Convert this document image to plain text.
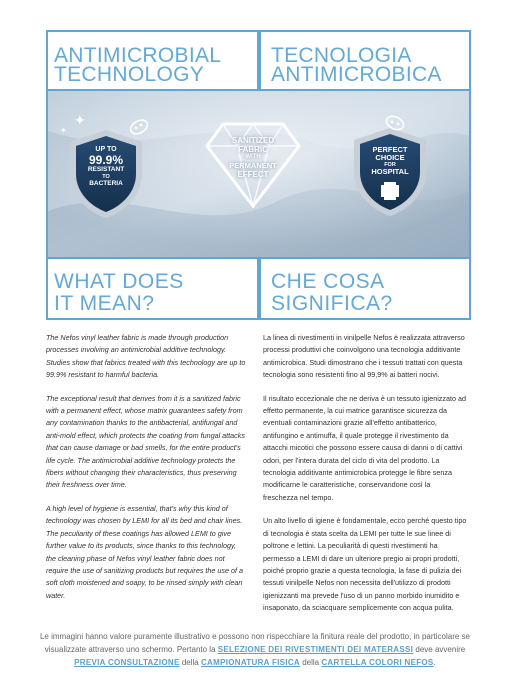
ANTIMICROBIAL
TECHNOLOGY
TECNOLOGIA
ANTIMICROBICA
UP TO
99.9%
RESISTANT
TO
BACTERIA
✦
✦
SANITIZED
FABRIC
WITH
PERMANENT
EFFECT
PERFECT
CHOICE
FOR
HOSPITAL
WHAT DOES
IT MEAN?
CHE COSA
SIGNIFICA?

The Nefos vinyl leather fabric is made through production processes involving an antimicrobial additive technology. Studies show that fabrics treated with this technology are up to 99.9% resistant to harmful bacteria.

The exceptional result that derives from it is a sanitized fabric with a permanent effect, whose matrix guarantees safety from any contamination thanks to the antibacterial, antifungal and anti-mold effect, which protects the coating from fungal attacks that can cause damage or bad smells, for the entire product's life cycle. The antimicrobial additive technology protects the fibers without changing their characteristics, thus preserving their freshness over time.

A high level of hygiene is essential, that's why this kind of technology was chosen by LEMI for all its bed and chair lines. The peculiarity of these coatings has allowed LEMI to give further value to its products, since thanks to this technology, the cleaning phase of Nefos vinyl leather fabric does not require the use of sanitizing products but requires the use of a soft cloth moistened and soapy, to be rinsed simply with clean water.

La linea di rivestimenti in vinilpelle Nefos è realizzata attraverso processi produttivi che coinvolgono una tecnologia additivante antimicrobica. Studi dimostrano che i tessuti trattati con questa tecnologia sono resistenti fino al 99,9% ai batteri nocivi.

Il risultato eccezionale che ne deriva è un tessuto igienizzato ad effetto permanente, la cui matrice garantisce sicurezza da eventuali contaminazioni grazie all'effetto antibatterico, antifungino e antimuffa, il quale protegge il rivestimento da attacchi micotici che possono essere causa di danni o di cattivi odori, per l'intera durata del ciclo di vita del prodotto. La tecnologia additivante antimicrobica protegge le fibre senza modificarne le caratteristiche, conservandone così la freschezza nel tempo.

Un alto livello di igiene è fondamentale, ecco perché questo tipo di tecnologia è stata scelta da LEMI per tutte le sue linee di poltrone e lettini. La peculiarità di questi rivestimenti ha permesso a LEMI di dare un ulteriore pregio ai propri prodotti, poiché proprio grazie a questa tecnologia, la fase di pulizia dei tessuti vinilpelle Nefos non necessita dell'utilizzo di prodotti igienizzanti ma prevede l'uso di un panno morbido inumidito e insaponato, da sciacquare semplicemente con acqua pulita.

Le immagini hanno valore puramente illustrativo e possono non rispecchiare la finitura reale del prodotto, in particolare se visualizzate attraverso uno schermo. Pertanto la SELEZIONE DEI RIVESTIMENTI DEI MATERASSI deve avvenire PREVIA CONSULTAZIONE della CAMPIONATURA FISICA della CARTELLA COLORI NEFOS.
